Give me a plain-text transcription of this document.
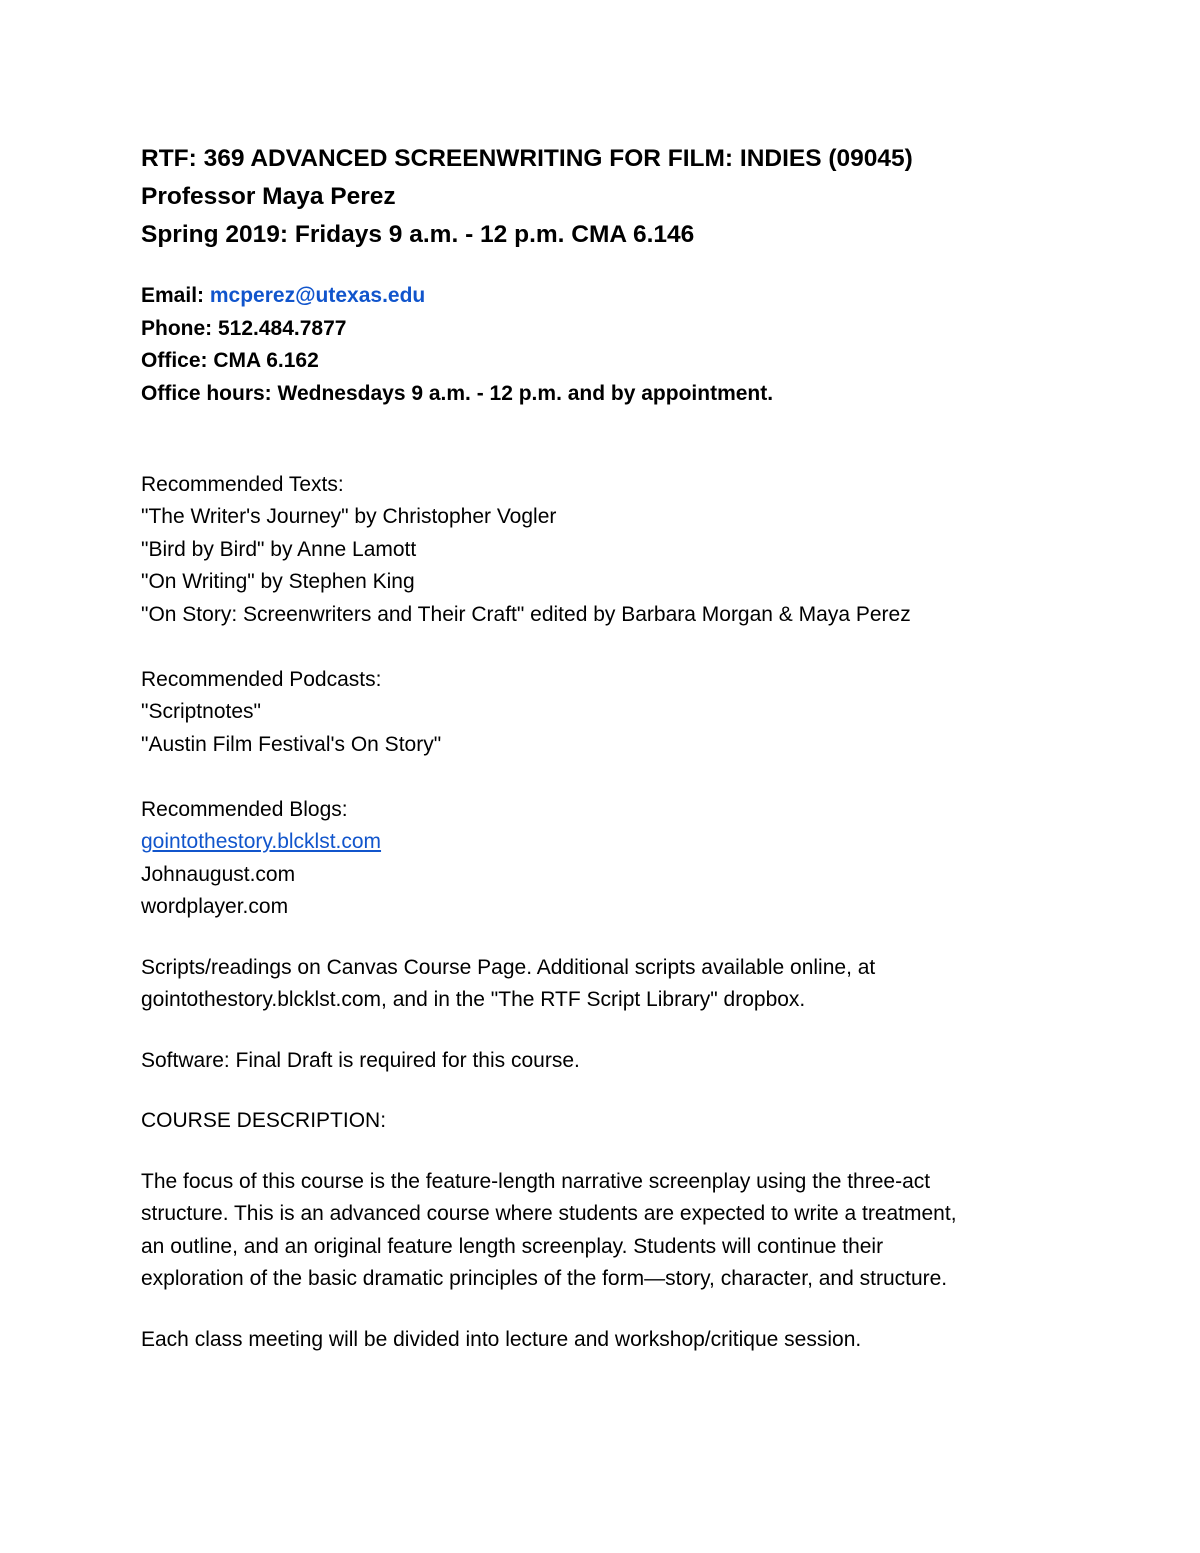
RTF: 369 ADVANCED SCREENWRITING FOR FILM: INDIES (09045)

Professor Maya Perez

Spring 2019: Fridays 9 a.m. - 12 p.m. CMA 6.146

Email: mcperez@utexas.edu
Phone: 512.484.7877
Office: CMA 6.162
Office hours: Wednesdays 9 a.m. - 12 p.m. and by appointment.
Recommended Texts:
"The Writer's Journey" by Christopher Vogler
"Bird by Bird" by Anne Lamott
"On Writing" by Stephen King
"On Story: Screenwriters and Their Craft" edited by Barbara Morgan & Maya Perez
Recommended Podcasts:
"Scriptnotes"
"Austin Film Festival's On Story"
Recommended Blogs:
gointothestory.blcklst.com
Johnaugust.com
wordplayer.com
Scripts/readings on Canvas Course Page. Additional scripts available online, at
gointothestory.blcklst.com, and in the "The RTF Script Library" dropbox.
Software: Final Draft is required for this course.
COURSE DESCRIPTION:
The focus of this course is the feature-length narrative screenplay using the three-act
structure. This is an advanced course where students are expected to write a treatment,
an outline, and an original feature length screenplay. Students will continue their
exploration of the basic dramatic principles of the form—story, character, and structure.
Each class meeting will be divided into lecture and workshop/critique session.
